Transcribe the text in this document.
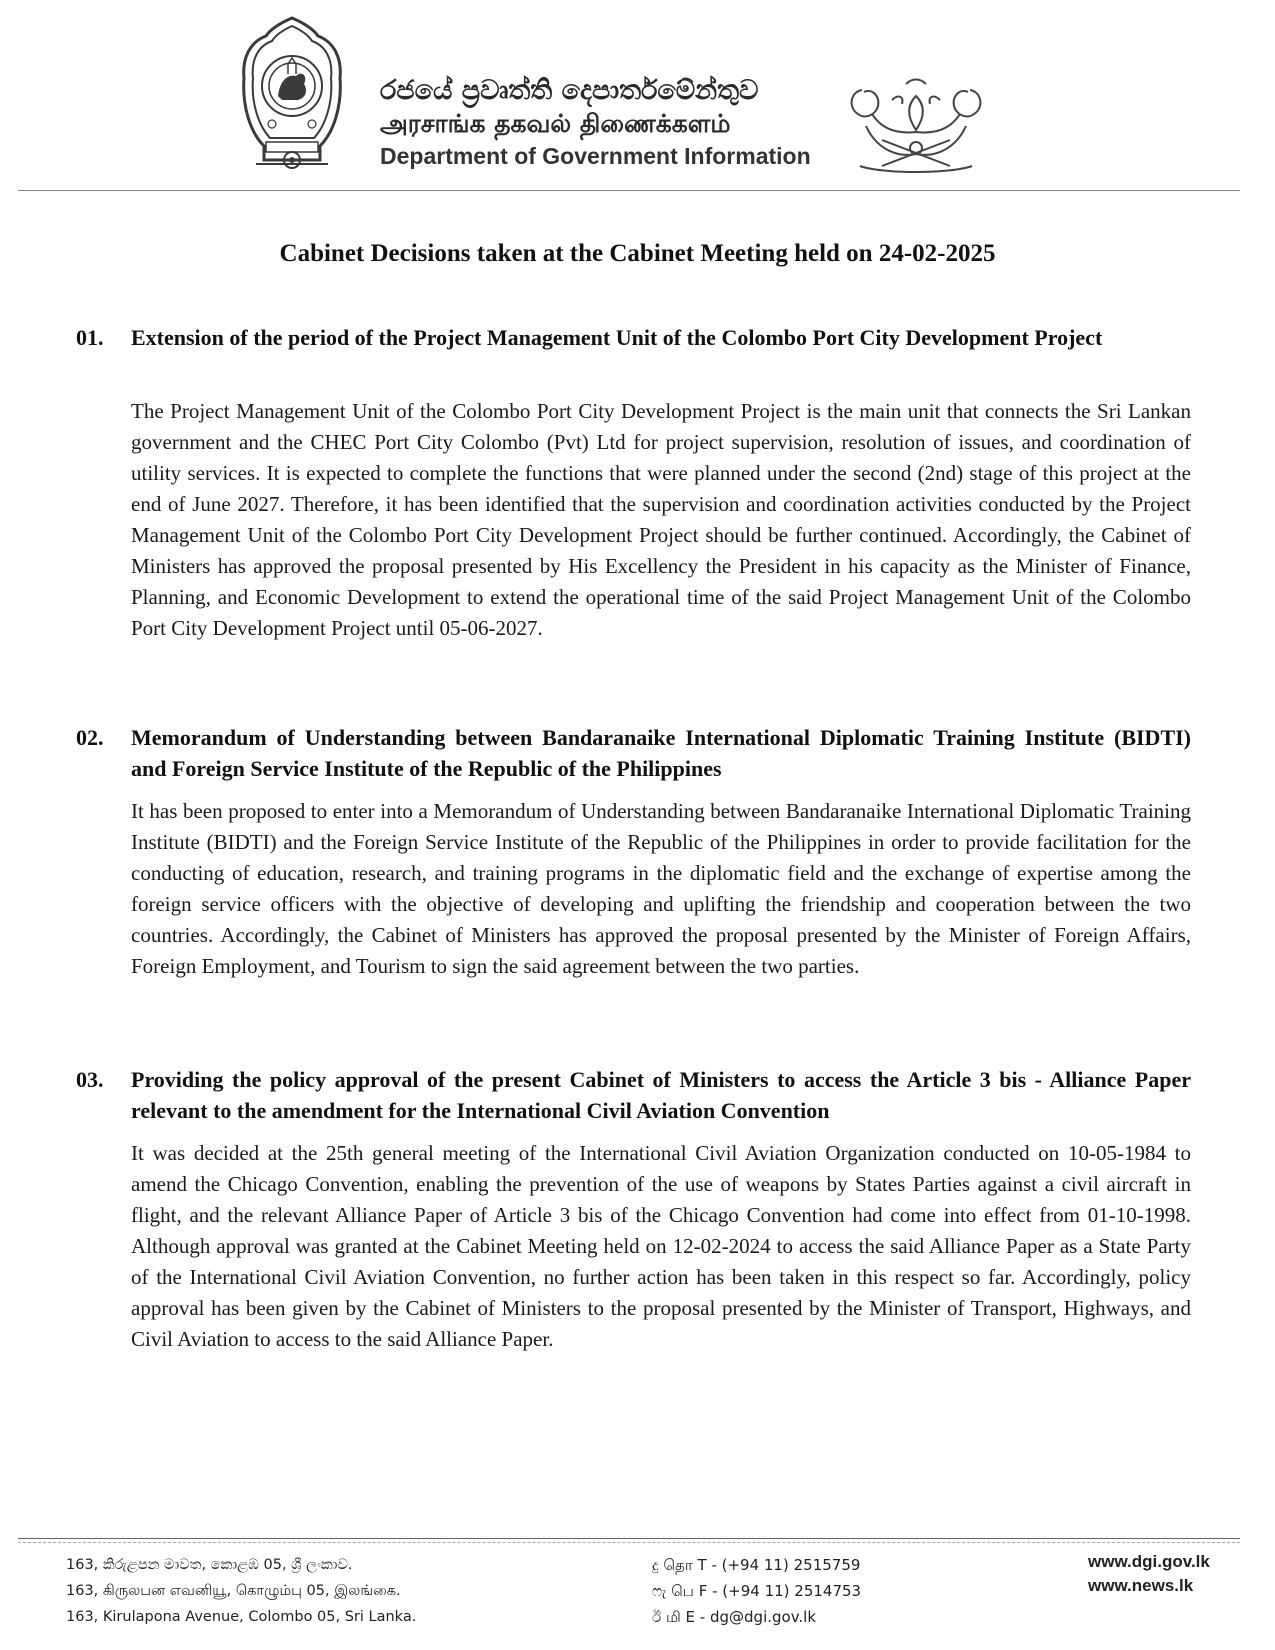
රජයේ ප්‍රවෘත්ති දෙපාර්තමේන්තුව
அரசாங்க தகவல் திணைக்களம்
Department of Government Information
Cabinet Decisions taken at the Cabinet Meeting held on 24-02-2025
01. Extension of the period of the Project Management Unit of the Colombo Port City Development Project
The Project Management Unit of the Colombo Port City Development Project is the main unit that connects the Sri Lankan government and the CHEC Port City Colombo (Pvt) Ltd for project supervision, resolution of issues, and coordination of utility services. It is expected to complete the functions that were planned under the second (2nd) stage of this project at the end of June 2027. Therefore, it has been identified that the supervision and coordination activities conducted by the Project Management Unit of the Colombo Port City Development Project should be further continued. Accordingly, the Cabinet of Ministers has approved the proposal presented by His Excellency the President in his capacity as the Minister of Finance, Planning, and Economic Development to extend the operational time of the said Project Management Unit of the Colombo Port City Development Project until 05-06-2027.
02. Memorandum of Understanding between Bandaranaike International Diplomatic Training Institute (BIDTI) and Foreign Service Institute of the Republic of the Philippines
It has been proposed to enter into a Memorandum of Understanding between Bandaranaike International Diplomatic Training Institute (BIDTI) and the Foreign Service Institute of the Republic of the Philippines in order to provide facilitation for the conducting of education, research, and training programs in the diplomatic field and the exchange of expertise among the foreign service officers with the objective of developing and uplifting the friendship and cooperation between the two countries. Accordingly, the Cabinet of Ministers has approved the proposal presented by the Minister of Foreign Affairs, Foreign Employment, and Tourism to sign the said agreement between the two parties.
03. Providing the policy approval of the present Cabinet of Ministers to access the Article 3 bis - Alliance Paper relevant to the amendment for the International Civil Aviation Convention
It was decided at the 25th general meeting of the International Civil Aviation Organization conducted on 10-05-1984 to amend the Chicago Convention, enabling the prevention of the use of weapons by States Parties against a civil aircraft in flight, and the relevant Alliance Paper of Article 3 bis of the Chicago Convention had come into effect from 01-10-1998. Although approval was granted at the Cabinet Meeting held on 12-02-2024 to access the said Alliance Paper as a State Party of the International Civil Aviation Convention, no further action has been taken in this respect so far. Accordingly, policy approval has been given by the Cabinet of Ministers to the proposal presented by the Minister of Transport, Highways, and Civil Aviation to access to the said Alliance Paper.
163, කිරුළපන මාවත, කොළඹ 05, ශ්‍රී ලංකාව.
163, கிருலபன எவனியூ, கொழும்பு 05, இலங்கை.
163, Kirulapona Avenue, Colombo 05, Sri Lanka.
දු தொ T - (+94 11) 2515759
ෆැ பெ F - (+94 11) 2514753
ඊ மி E - dg@dgi.gov.lk
www.dgi.gov.lk
www.news.lk
